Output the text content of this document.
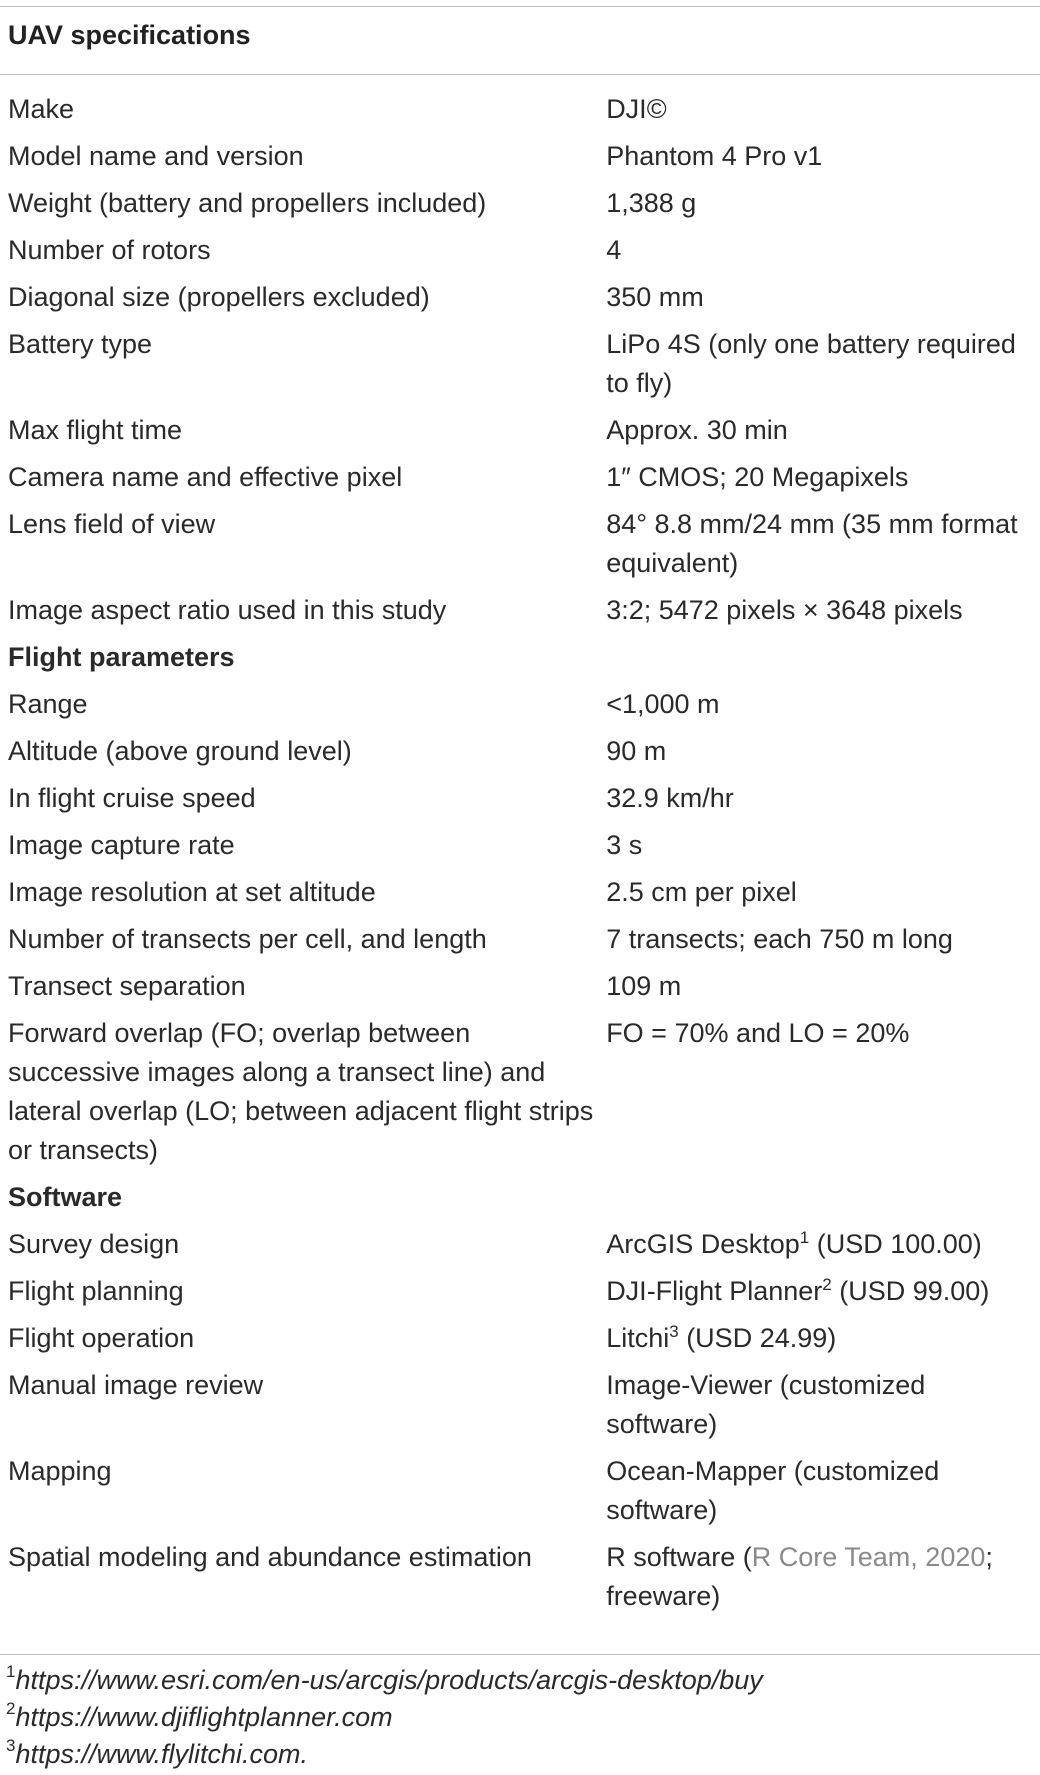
UAV specifications
Make	DJI©
Model name and version	Phantom 4 Pro v1
Weight (battery and propellers included)	1,388 g
Number of rotors	4
Diagonal size (propellers excluded)	350 mm
Battery type	LiPo 4S (only one battery required to fly)
Max flight time	Approx. 30 min
Camera name and effective pixel	1″ CMOS; 20 Megapixels
Lens field of view	84° 8.8 mm/24 mm (35 mm format equivalent)
Image aspect ratio used in this study	3:2; 5472 pixels × 3648 pixels
Flight parameters	
Range	<1,000 m
Altitude (above ground level)	90 m
In flight cruise speed	32.9 km/hr
Image capture rate	3 s
Image resolution at set altitude	2.5 cm per pixel
Number of transects per cell, and length	7 transects; each 750 m long
Transect separation	109 m
Forward overlap (FO; overlap between successive images along a transect line) and lateral overlap (LO; between adjacent flight strips or transects)	FO = 70% and LO = 20%
Software	
Survey design	ArcGIS Desktop$^1$ (USD 100.00)
Flight planning	DJI-Flight Planner$^2$ (USD 99.00)
Flight operation	Litchi$^3$ (USD 24.99)
Manual image review	Image-Viewer (customized software)
Mapping	Ocean-Mapper (customized software)
Spatial modeling and abundance estimation	R software (R Core Team, 2020; freeware)
$^1$https://www.esri.com/en-us/arcgis/products/arcgis-desktop/buy
$^2$https://www.djiflightplanner.com
$^3$https://www.flylitchi.com.
